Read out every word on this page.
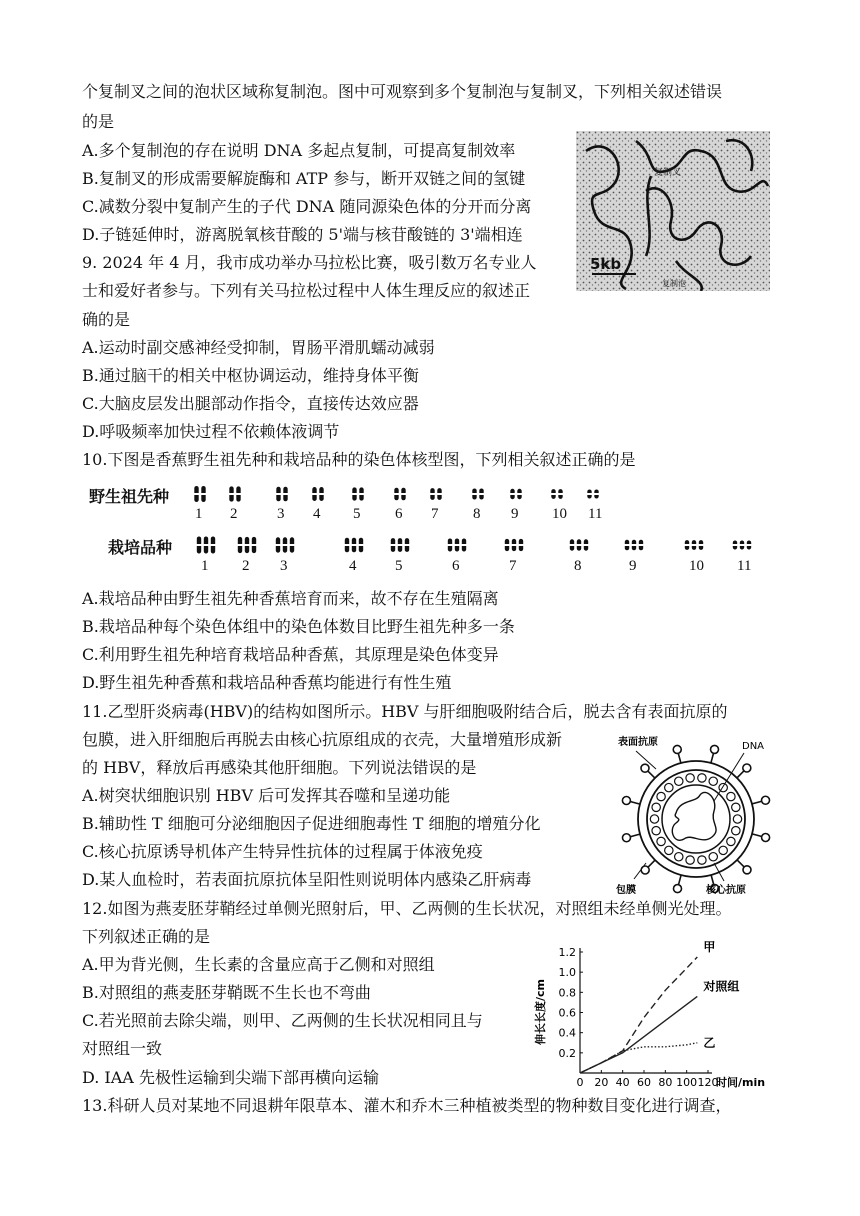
个复制叉之间的泡状区域称复制泡。图中可观察到多个复制泡与复制叉，下列相关叙述错误
的是
A.多个复制泡的存在说明 DNA 多起点复制，可提高复制效率
B.复制叉的形成需要解旋酶和 ATP 参与，断开双链之间的氢键
C.减数分裂中复制产生的子代 DNA 随同源染色体的分开而分离
D.子链延伸时，游离脱氧核苷酸的 5'端与核苷酸链的 3'端相连
9. 2024 年 4 月，我市成功举办马拉松比赛，吸引数万名专业人
士和爱好者参与。下列有关马拉松过程中人体生理反应的叙述正
确的是
A.运动时副交感神经受抑制，胃肠平滑肌蠕动减弱
B.通过脑干的相关中枢协调运动，维持身体平衡
C.大脑皮层发出腿部动作指令，直接传达效应器
D.呼吸频率加快过程不依赖体液调节
10.下图是香蕉野生祖先种和栽培品种的染色体核型图，下列相关叙述正确的是
A.栽培品种由野生祖先种香蕉培育而来，故不存在生殖隔离
B.栽培品种每个染色体组中的染色体数目比野生祖先种多一条
C.利用野生祖先种培育栽培品种香蕉，其原理是染色体变异
D.野生祖先种香蕉和栽培品种香蕉均能进行有性生殖
11.乙型肝炎病毒(HBV)的结构如图所示。HBV 与肝细胞吸附结合后，脱去含有表面抗原的
包膜，进入肝细胞后再脱去由核心抗原组成的衣壳，大量增殖形成新
的 HBV，释放后再感染其他肝细胞。下列说法错误的是
A.树突状细胞识别 HBV 后可发挥其吞噬和呈递功能
B.辅助性 T 细胞可分泌细胞因子促进细胞毒性 T 细胞的增殖分化
C.核心抗原诱导机体产生特异性抗体的过程属于体液免疫
D.某人血检时，若表面抗原抗体呈阳性则说明体内感染乙肝病毒
12.如图为燕麦胚芽鞘经过单侧光照射后，甲、乙两侧的生长状况，对照组未经单侧光处理。
下列叙述正确的是
A.甲为背光侧，生长素的含量应高于乙侧和对照组
B.对照组的燕麦胚芽鞘既不生长也不弯曲
C.若光照前去除尖端，则甲、乙两侧的生长状况相同且与
对照组一致
D. IAA 先极性运输到尖端下部再横向运输
13.科研人员对某地不同退耕年限草本、灌木和乔木三种植被类型的物种数目变化进行调查，
复制叉
5kb
复制泡
野生祖先种
栽培品种
1 2	3 4 5 6 7 8 9 10 11
1 2 3	4	5	6	7	8	9	10 11
表面抗原	DNA
包膜	核心抗原
0.2
0.4
0.6
0.8
1.0
1.2
0 20 40 60 80 100 120
时间/min
伸长长度/cm
甲
对照组
乙
